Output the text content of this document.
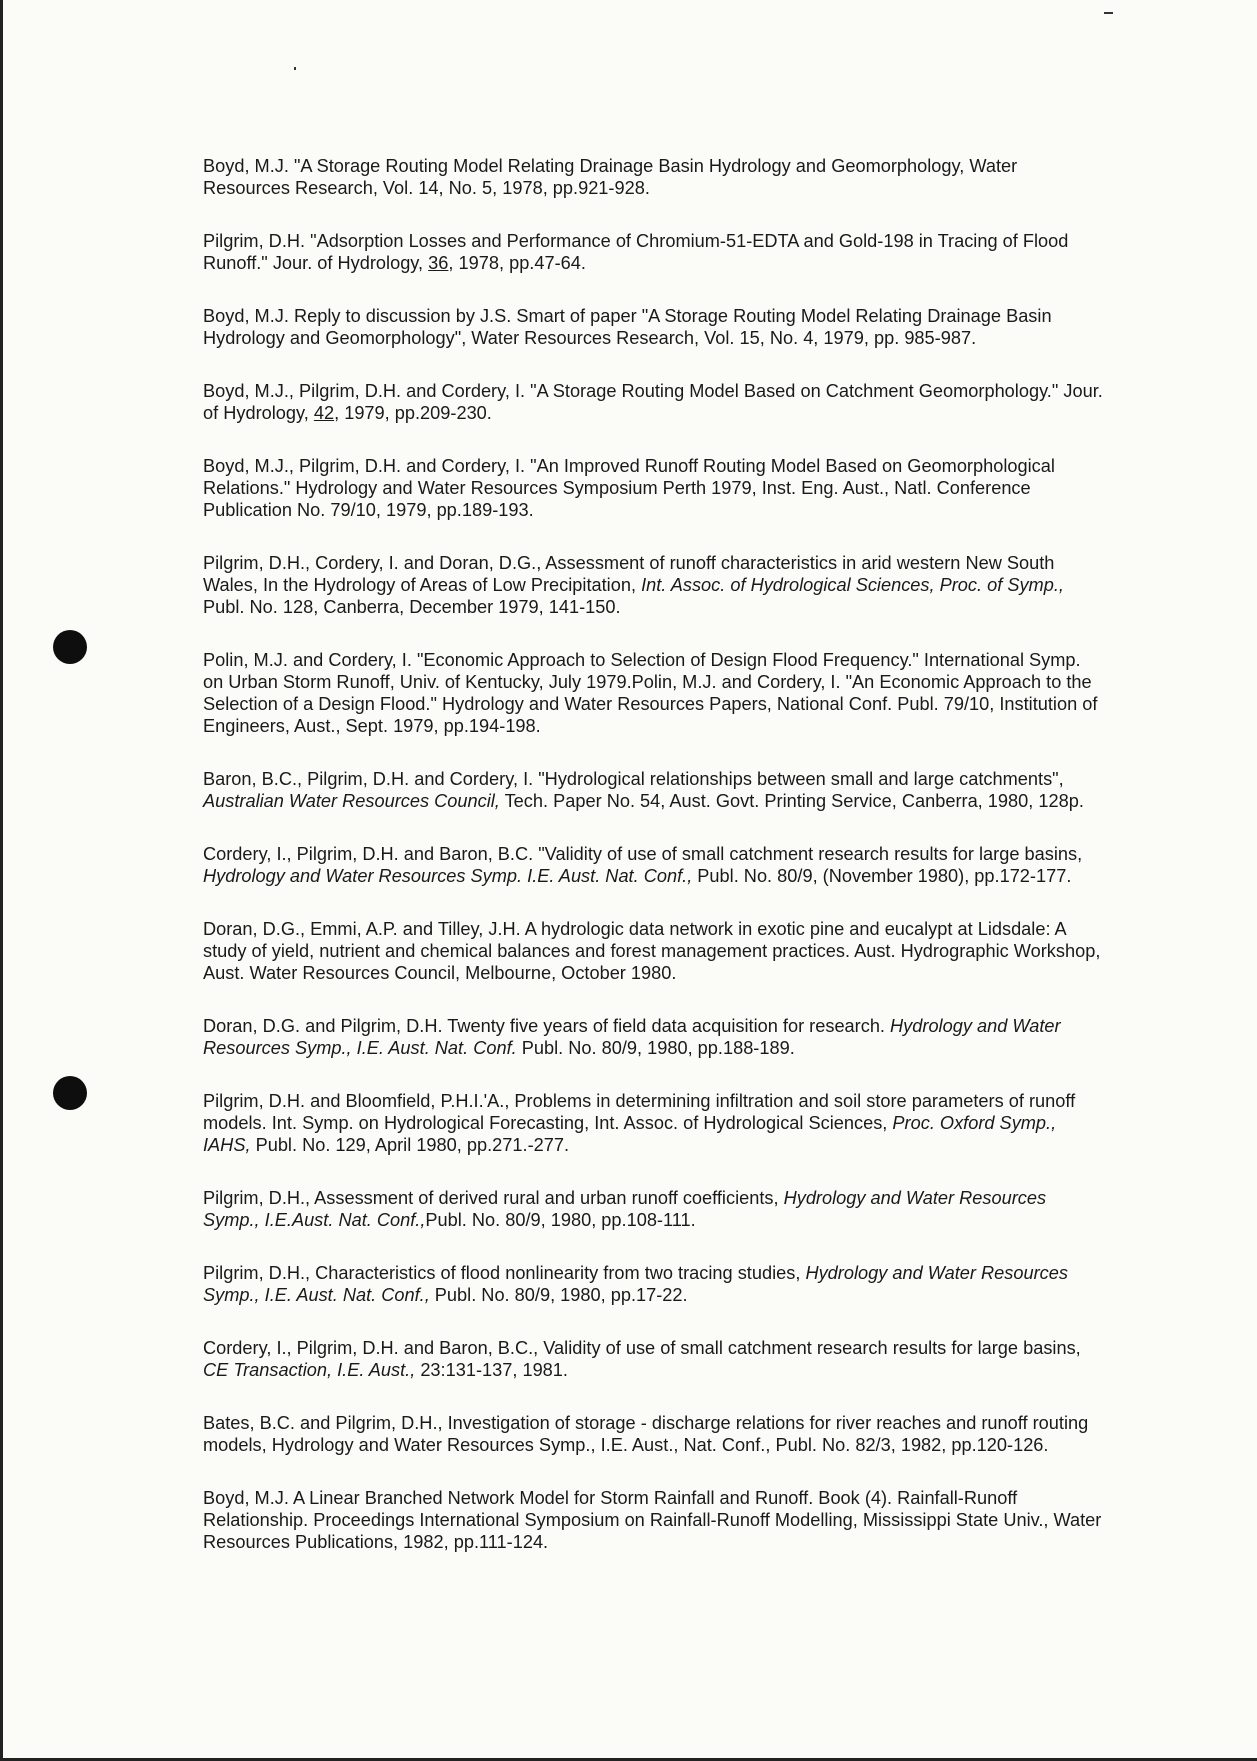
Boyd, M.J. "A Storage Routing Model Relating Drainage Basin Hydrology and Geomorphology, Water Resources Research, Vol. 14, No. 5, 1978, pp.921-928.

Pilgrim, D.H. "Adsorption Losses and Performance of Chromium-51-EDTA and Gold-198 in Tracing of Flood Runoff." Jour. of Hydrology, 36, 1978, pp.47-64.

Boyd, M.J. Reply to discussion by J.S. Smart of paper "A Storage Routing Model Relating Drainage Basin Hydrology and Geomorphology", Water Resources Research, Vol. 15, No. 4, 1979, pp. 985-987.

Boyd, M.J., Pilgrim, D.H. and Cordery, I. "A Storage Routing Model Based on Catchment Geomorphology." Jour. of Hydrology, 42, 1979, pp.209-230.

Boyd, M.J., Pilgrim, D.H. and Cordery, I. "An Improved Runoff Routing Model Based on Geomorphological Relations." Hydrology and Water Resources Symposium Perth 1979, Inst. Eng. Aust., Natl. Conference Publication No. 79/10, 1979, pp.189-193.

Pilgrim, D.H., Cordery, I. and Doran, D.G., Assessment of runoff characteristics in arid western New South Wales, In the Hydrology of Areas of Low Precipitation, Int. Assoc. of Hydrological Sciences, Proc. of Symp., Publ. No. 128, Canberra, December 1979, 141-150.

Polin, M.J. and Cordery, I. "Economic Approach to Selection of Design Flood Frequency." International Symp. on Urban Storm Runoff, Univ. of Kentucky, July 1979.Polin, M.J. and Cordery, I. "An Economic Approach to the Selection of a Design Flood." Hydrology and Water Resources Papers, National Conf. Publ. 79/10, Institution of Engineers, Aust., Sept. 1979, pp.194-198.

Baron, B.C., Pilgrim, D.H. and Cordery, I. "Hydrological relationships between small and large catchments", Australian Water Resources Council, Tech. Paper No. 54, Aust. Govt. Printing Service, Canberra, 1980, 128p.

Cordery, I., Pilgrim, D.H. and Baron, B.C. "Validity of use of small catchment research results for large basins, Hydrology and Water Resources Symp. I.E. Aust. Nat. Conf., Publ. No. 80/9, (November 1980), pp.172-177.

Doran, D.G., Emmi, A.P. and Tilley, J.H. A hydrologic data network in exotic pine and eucalypt at Lidsdale: A study of yield, nutrient and chemical balances and forest management practices. Aust. Hydrographic Workshop, Aust. Water Resources Council, Melbourne, October 1980.

Doran, D.G. and Pilgrim, D.H. Twenty five years of field data acquisition for research. Hydrology and Water Resources Symp., I.E. Aust. Nat. Conf. Publ. No. 80/9, 1980, pp.188-189.

Pilgrim, D.H. and Bloomfield, P.H.I.'A., Problems in determining infiltration and soil store parameters of runoff models. Int. Symp. on Hydrological Forecasting, Int. Assoc. of Hydrological Sciences, Proc. Oxford Symp., IAHS, Publ. No. 129, April 1980, pp.271.-277.

Pilgrim, D.H., Assessment of derived rural and urban runoff coefficients, Hydrology and Water Resources Symp., I.E.Aust. Nat. Conf.,Publ. No. 80/9, 1980, pp.108-111.

Pilgrim, D.H., Characteristics of flood nonlinearity from two tracing studies, Hydrology and Water Resources Symp., I.E. Aust. Nat. Conf., Publ. No. 80/9, 1980, pp.17-22.

Cordery, I., Pilgrim, D.H. and Baron, B.C., Validity of use of small catchment research results for large basins, CE Transaction, I.E. Aust., 23:131-137, 1981.

Bates, B.C. and Pilgrim, D.H., Investigation of storage - discharge relations for river reaches and runoff routing models, Hydrology and Water Resources Symp., I.E. Aust., Nat. Conf., Publ. No. 82/3, 1982, pp.120-126.

Boyd, M.J. A Linear Branched Network Model for Storm Rainfall and Runoff. Book (4). Rainfall-Runoff Relationship. Proceedings International Symposium on Rainfall-Runoff Modelling, Mississippi State Univ., Water Resources Publications, 1982, pp.111-124.
